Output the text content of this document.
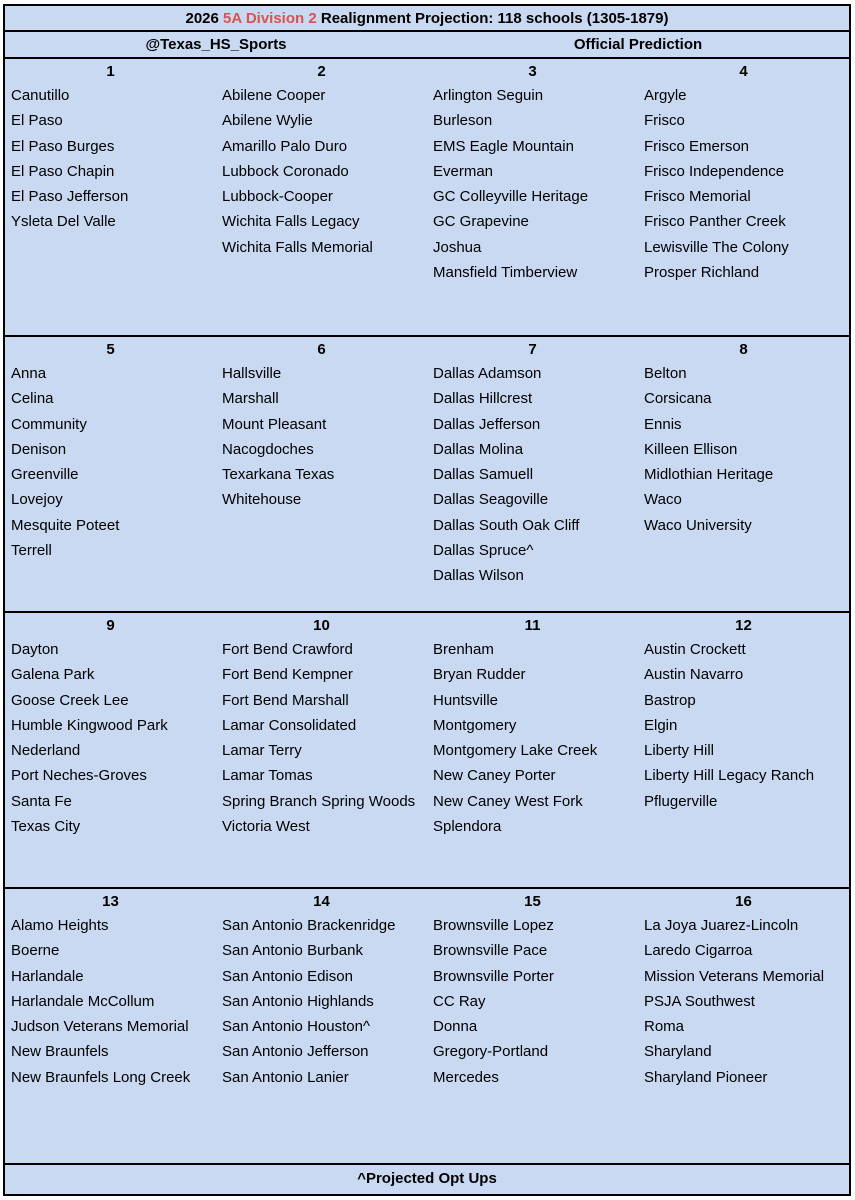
2026 5A Division 2 Realignment Projection: 118 schools (1305-1879)
@Texas_HS_Sports	Official Prediction
1
Canutillo
El Paso
El Paso Burges
El Paso Chapin
El Paso Jefferson
Ysleta Del Valle
2
Abilene Cooper
Abilene Wylie
Amarillo Palo Duro
Lubbock Coronado
Lubbock-Cooper
Wichita Falls Legacy
Wichita Falls Memorial
3
Arlington Seguin
Burleson
EMS Eagle Mountain
Everman
GC Colleyville Heritage
GC Grapevine
Joshua
Mansfield Timberview
4
Argyle
Frisco
Frisco Emerson
Frisco Independence
Frisco Memorial
Frisco Panther Creek
Lewisville The Colony
Prosper Richland
5
Anna
Celina
Community
Denison
Greenville
Lovejoy
Mesquite Poteet
Terrell
6
Hallsville
Marshall
Mount Pleasant
Nacogdoches
Texarkana Texas
Whitehouse
7
Dallas Adamson
Dallas Hillcrest
Dallas Jefferson
Dallas Molina
Dallas Samuell
Dallas Seagoville
Dallas South Oak Cliff
Dallas Spruce^
Dallas Wilson
8
Belton
Corsicana
Ennis
Killeen Ellison
Midlothian Heritage
Waco
Waco University
9
Dayton
Galena Park
Goose Creek Lee
Humble Kingwood Park
Nederland
Port Neches-Groves
Santa Fe
Texas City
10
Fort Bend Crawford
Fort Bend Kempner
Fort Bend Marshall
Lamar Consolidated
Lamar Terry
Lamar Tomas
Spring Branch Spring Woods
Victoria West
11
Brenham
Bryan Rudder
Huntsville
Montgomery
Montgomery Lake Creek
New Caney Porter
New Caney West Fork
Splendora
12
Austin Crockett
Austin Navarro
Bastrop
Elgin
Liberty Hill
Liberty Hill Legacy Ranch
Pflugerville
13
Alamo Heights
Boerne
Harlandale
Harlandale McCollum
Judson Veterans Memorial
New Braunfels
New Braunfels Long Creek
14
San Antonio Brackenridge
San Antonio Burbank
San Antonio Edison
San Antonio Highlands
San Antonio Houston^
San Antonio Jefferson
San Antonio Lanier
15
Brownsville Lopez
Brownsville Pace
Brownsville Porter
CC Ray
Donna
Gregory-Portland
Mercedes
16
La Joya Juarez-Lincoln
Laredo Cigarroa
Mission Veterans Memorial
PSJA Southwest
Roma
Sharyland
Sharyland Pioneer
^Projected Opt Ups
